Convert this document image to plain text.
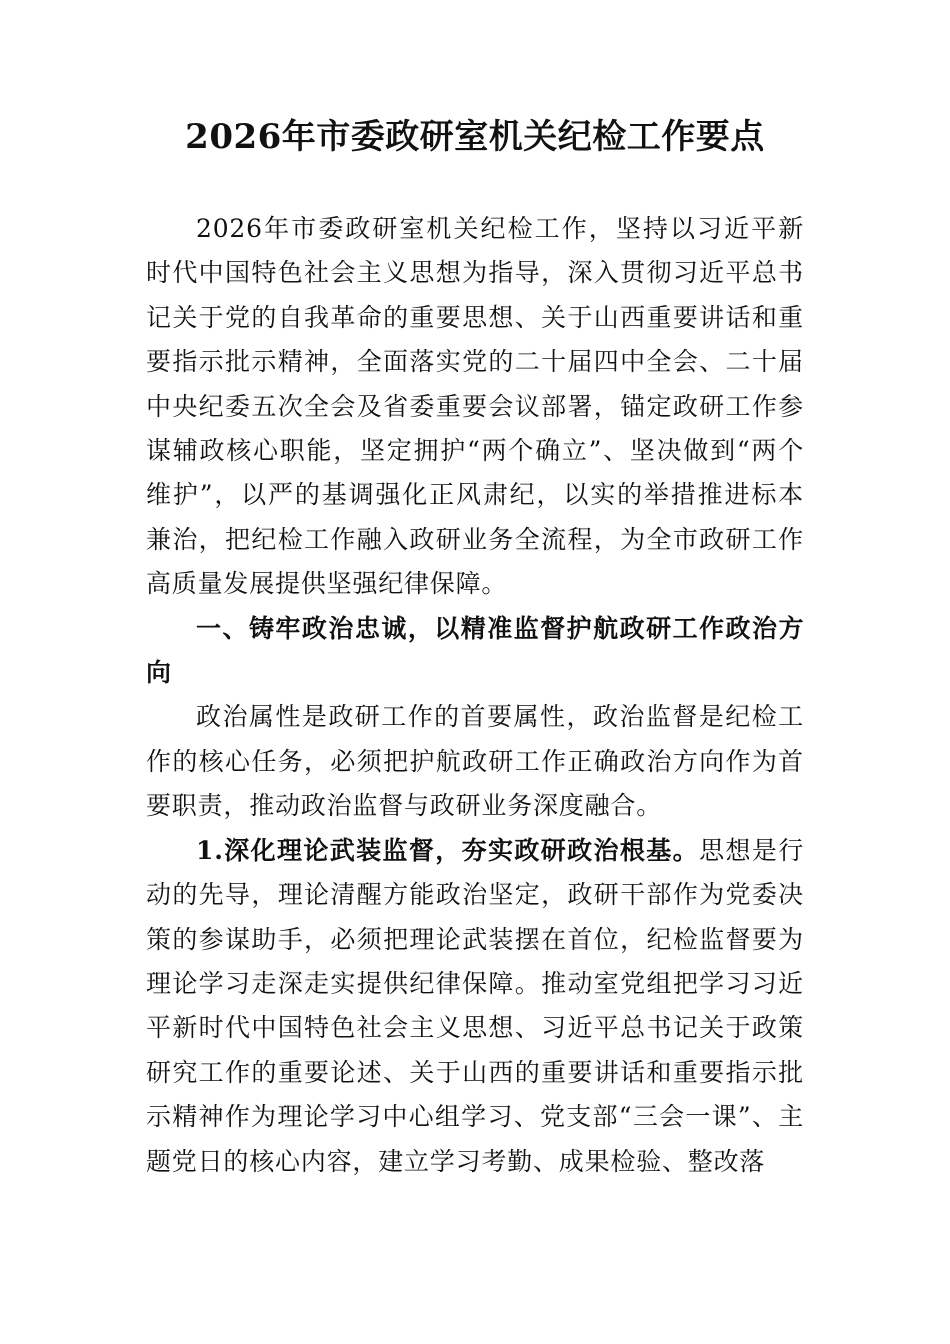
2026年市委政研室机关纪检工作要点

2026年市委政研室机关纪检工作，坚持以习近平新时代中国特色社会主义思想为指导，深入贯彻习近平总书记关于党的自我革命的重要思想、关于山西重要讲话和重要指示批示精神，全面落实党的二十届四中全会、二十届中央纪委五次全会及省委重要会议部署，锚定政研工作参谋辅政核心职能，坚定拥护“两个确立”、坚决做到“两个维护”，以严的基调强化正风肃纪，以实的举措推进标本兼治，把纪检工作融入政研业务全流程，为全市政研工作高质量发展提供坚强纪律保障。

一、铸牢政治忠诚，以精准监督护航政研工作政治方向

政治属性是政研工作的首要属性，政治监督是纪检工作的核心任务，必须把护航政研工作正确政治方向作为首要职责，推动政治监督与政研业务深度融合。

1.深化理论武装监督，夯实政研政治根基。思想是行动的先导，理论清醒方能政治坚定，政研干部作为党委决策的参谋助手，必须把理论武装摆在首位，纪检监督要为理论学习走深走实提供纪律保障。推动室党组把学习习近平新时代中国特色社会主义思想、习近平总书记关于政策研究工作的重要论述、关于山西的重要讲话和重要指示批示精神作为理论学习中心组学习、党支部“三会一课”、主题党日的核心内容，建立学习考勤、成果检验、整改落
